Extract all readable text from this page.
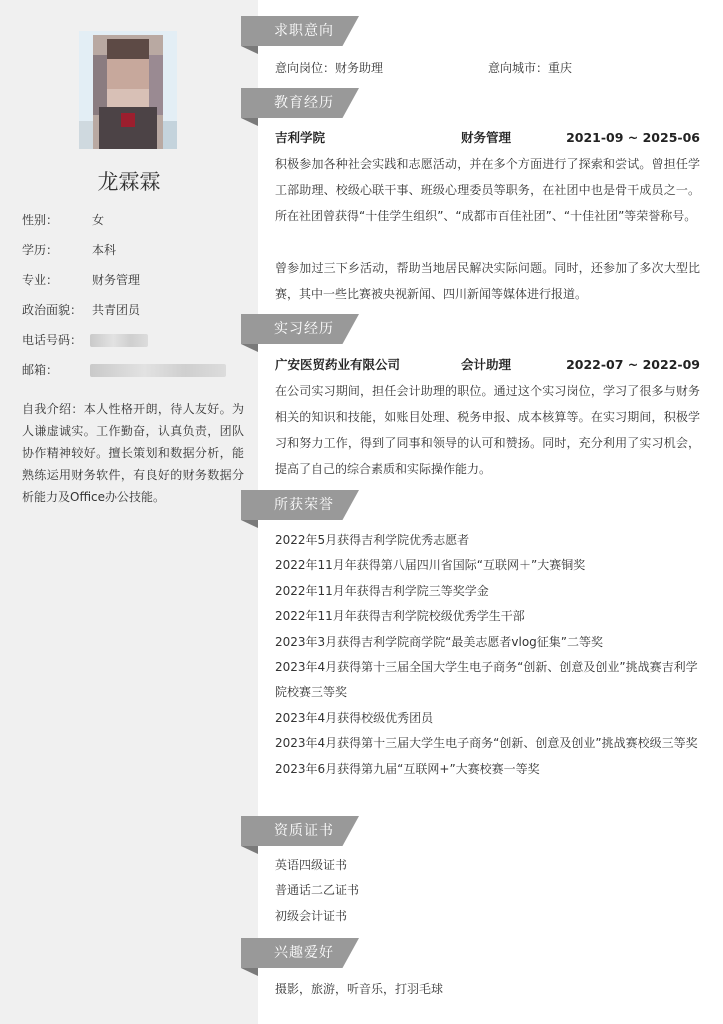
龙霖霖
性别：	女
学历：	本科
专业：	财务管理
政治面貌： 共青团员
电话号码：
邮箱：
自我介绍：本人性格开朗，待人友好。为人谦虚诚实。工作勤奋，认真负责，团队协作精神较好。擅长策划和数据分析，能熟练运用财务软件，有良好的财务数据分析能力及Office办公技能。
求职意向
意向岗位：财务助理	意向城市：重庆
教育经历
吉利学院	财务管理	2021-09 ~ 2025-06
积极参加各种社会实践和志愿活动，并在多个方面进行了探索和尝试。曾担任学工部助理、校级心联干事、班级心理委员等职务，在社团中也是骨干成员之一。所在社团曾获得“十佳学生组织”、“成都市百佳社团”、“十佳社团”等荣誉称号。
曾参加过三下乡活动，帮助当地居民解决实际问题。同时，还参加了多次大型比赛，其中一些比赛被央视新闻、四川新闻等媒体进行报道。
实习经历
广安医贸药业有限公司	会计助理	2022-07 ~ 2022-09
在公司实习期间，担任会计助理的职位。通过这个实习岗位，学习了很多与财务相关的知识和技能，如账目处理、税务申报、成本核算等。在实习期间，积极学习和努力工作，得到了同事和领导的认可和赞扬。同时，充分利用了实习机会，提高了自己的综合素质和实际操作能力。
所获荣誉
2022年5月获得吉利学院优秀志愿者
2022年11月年获得第八届四川省国际“互联网＋”大赛铜奖
2022年11月年获得吉利学院三等奖学金
2022年11月年获得吉利学院校级优秀学生干部
2023年3月获得吉利学院商学院“最美志愿者vlog征集”二等奖
2023年4月获得第十三届全国大学生电子商务“创新、创意及创业”挑战赛吉利学院校赛三等奖
2023年4月获得校级优秀团员
2023年4月获得第十三届大学生电子商务“创新、创意及创业”挑战赛校级三等奖
2023年6月获得第九届“互联网+”大赛校赛一等奖
资质证书
英语四级证书
普通话二乙证书
初级会计证书
兴趣爱好
摄影，旅游，听音乐，打羽毛球
